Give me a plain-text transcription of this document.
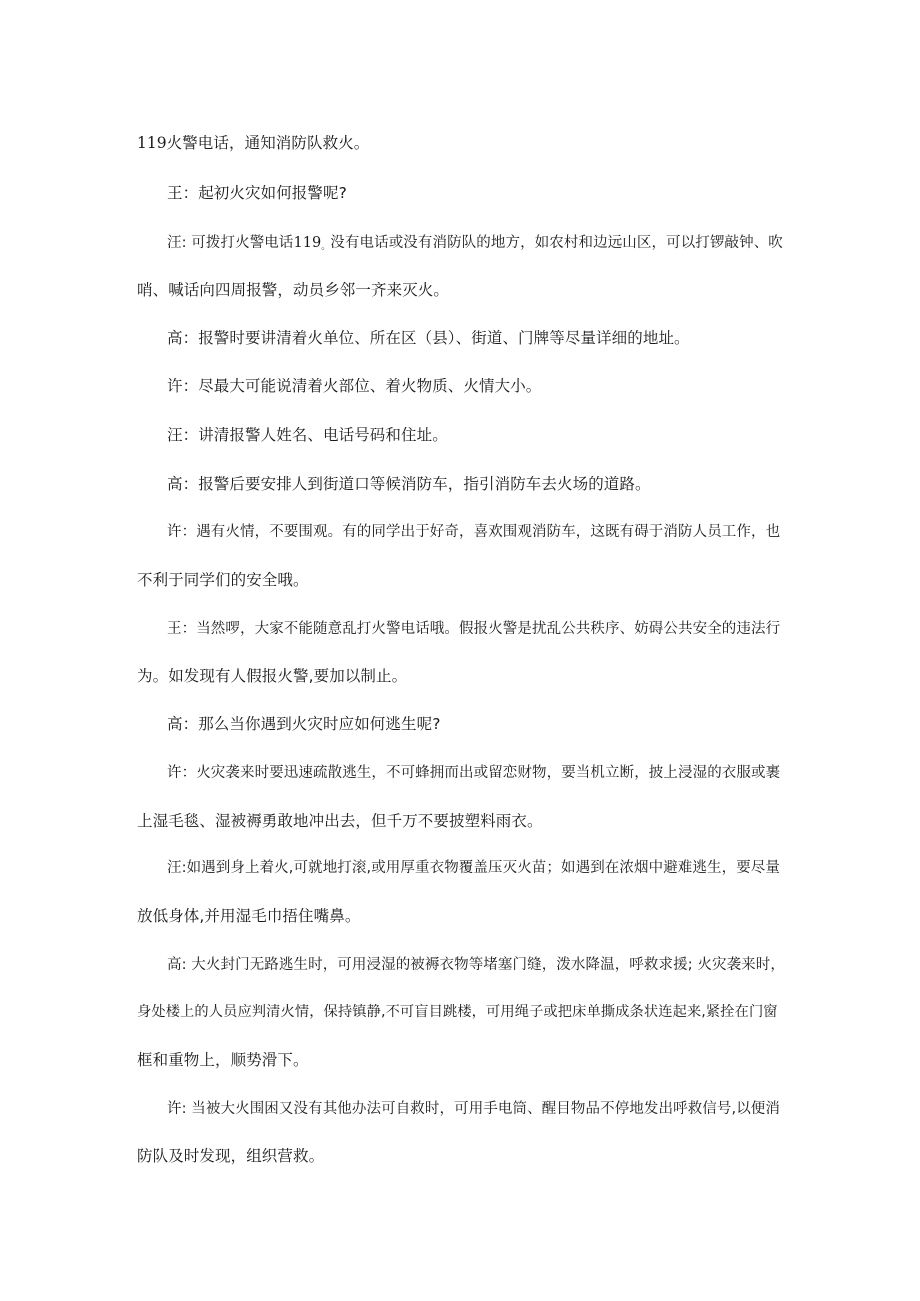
119火警电话，通知消防队救火。
王：起初火灾如何报警呢?
汪: 可拨打火警电话$119_。$没有电话或没有消防队的地方，如农村和边远山区，可以打锣敲钟、吹
哨、喊话向四周报警，动员乡邻一齐来灭火。
高：报警时要讲清着火单位、所在区（县）、街道、门牌等尽量详细的地址。
许：尽最大可能说清着火部位、着火物质、火情大小。
汪：讲清报警人姓名、电话号码和住址。
高：报警后要安排人到街道口等候消防车，指引消防车去火场的道路。
许：遇有火情，不要围观。有的同学出于好奇，喜欢围观消防车，这既有碍于消防人员工作，也
不利于同学们的安全哦。
王：当然啰，大家不能随意乱打火警电话哦。假报火警是扰乱公共秩序、妨碍公共安全的违法行
为。如发现有人假报火警,要加以制止。
高：那么当你遇到火灾时应如何逃生呢?
许：火灾袭来时要迅速疏散逃生，不可蜂拥而出或留恋财物，要当机立断，披上浸湿的衣服或裹
上湿毛毯、湿被褥勇敢地冲出去，但千万不要披塑料雨衣。
汪:如遇到身上着火,可就地打滚,或用厚重衣物覆盖压灭火苗；如遇到在浓烟中避难逃生，要尽量
放低身体,并用湿毛巾捂住嘴鼻。
高: 大火封门无路逃生时，可用浸湿的被褥衣物等堵塞门缝，泼水降温，呼救求援; 火灾袭来时，
身处楼上的人员应判清火情，保持镇静,不可盲目跳楼，可用绳子或把床单撕成条状连起来,紧拴在门窗
框和重物上，顺势滑下。
许: 当被大火围困又没有其他办法可自救时，可用手电筒、醒目物品不停地发出呼救信号,以便消
防队及时发现，组织营救。
